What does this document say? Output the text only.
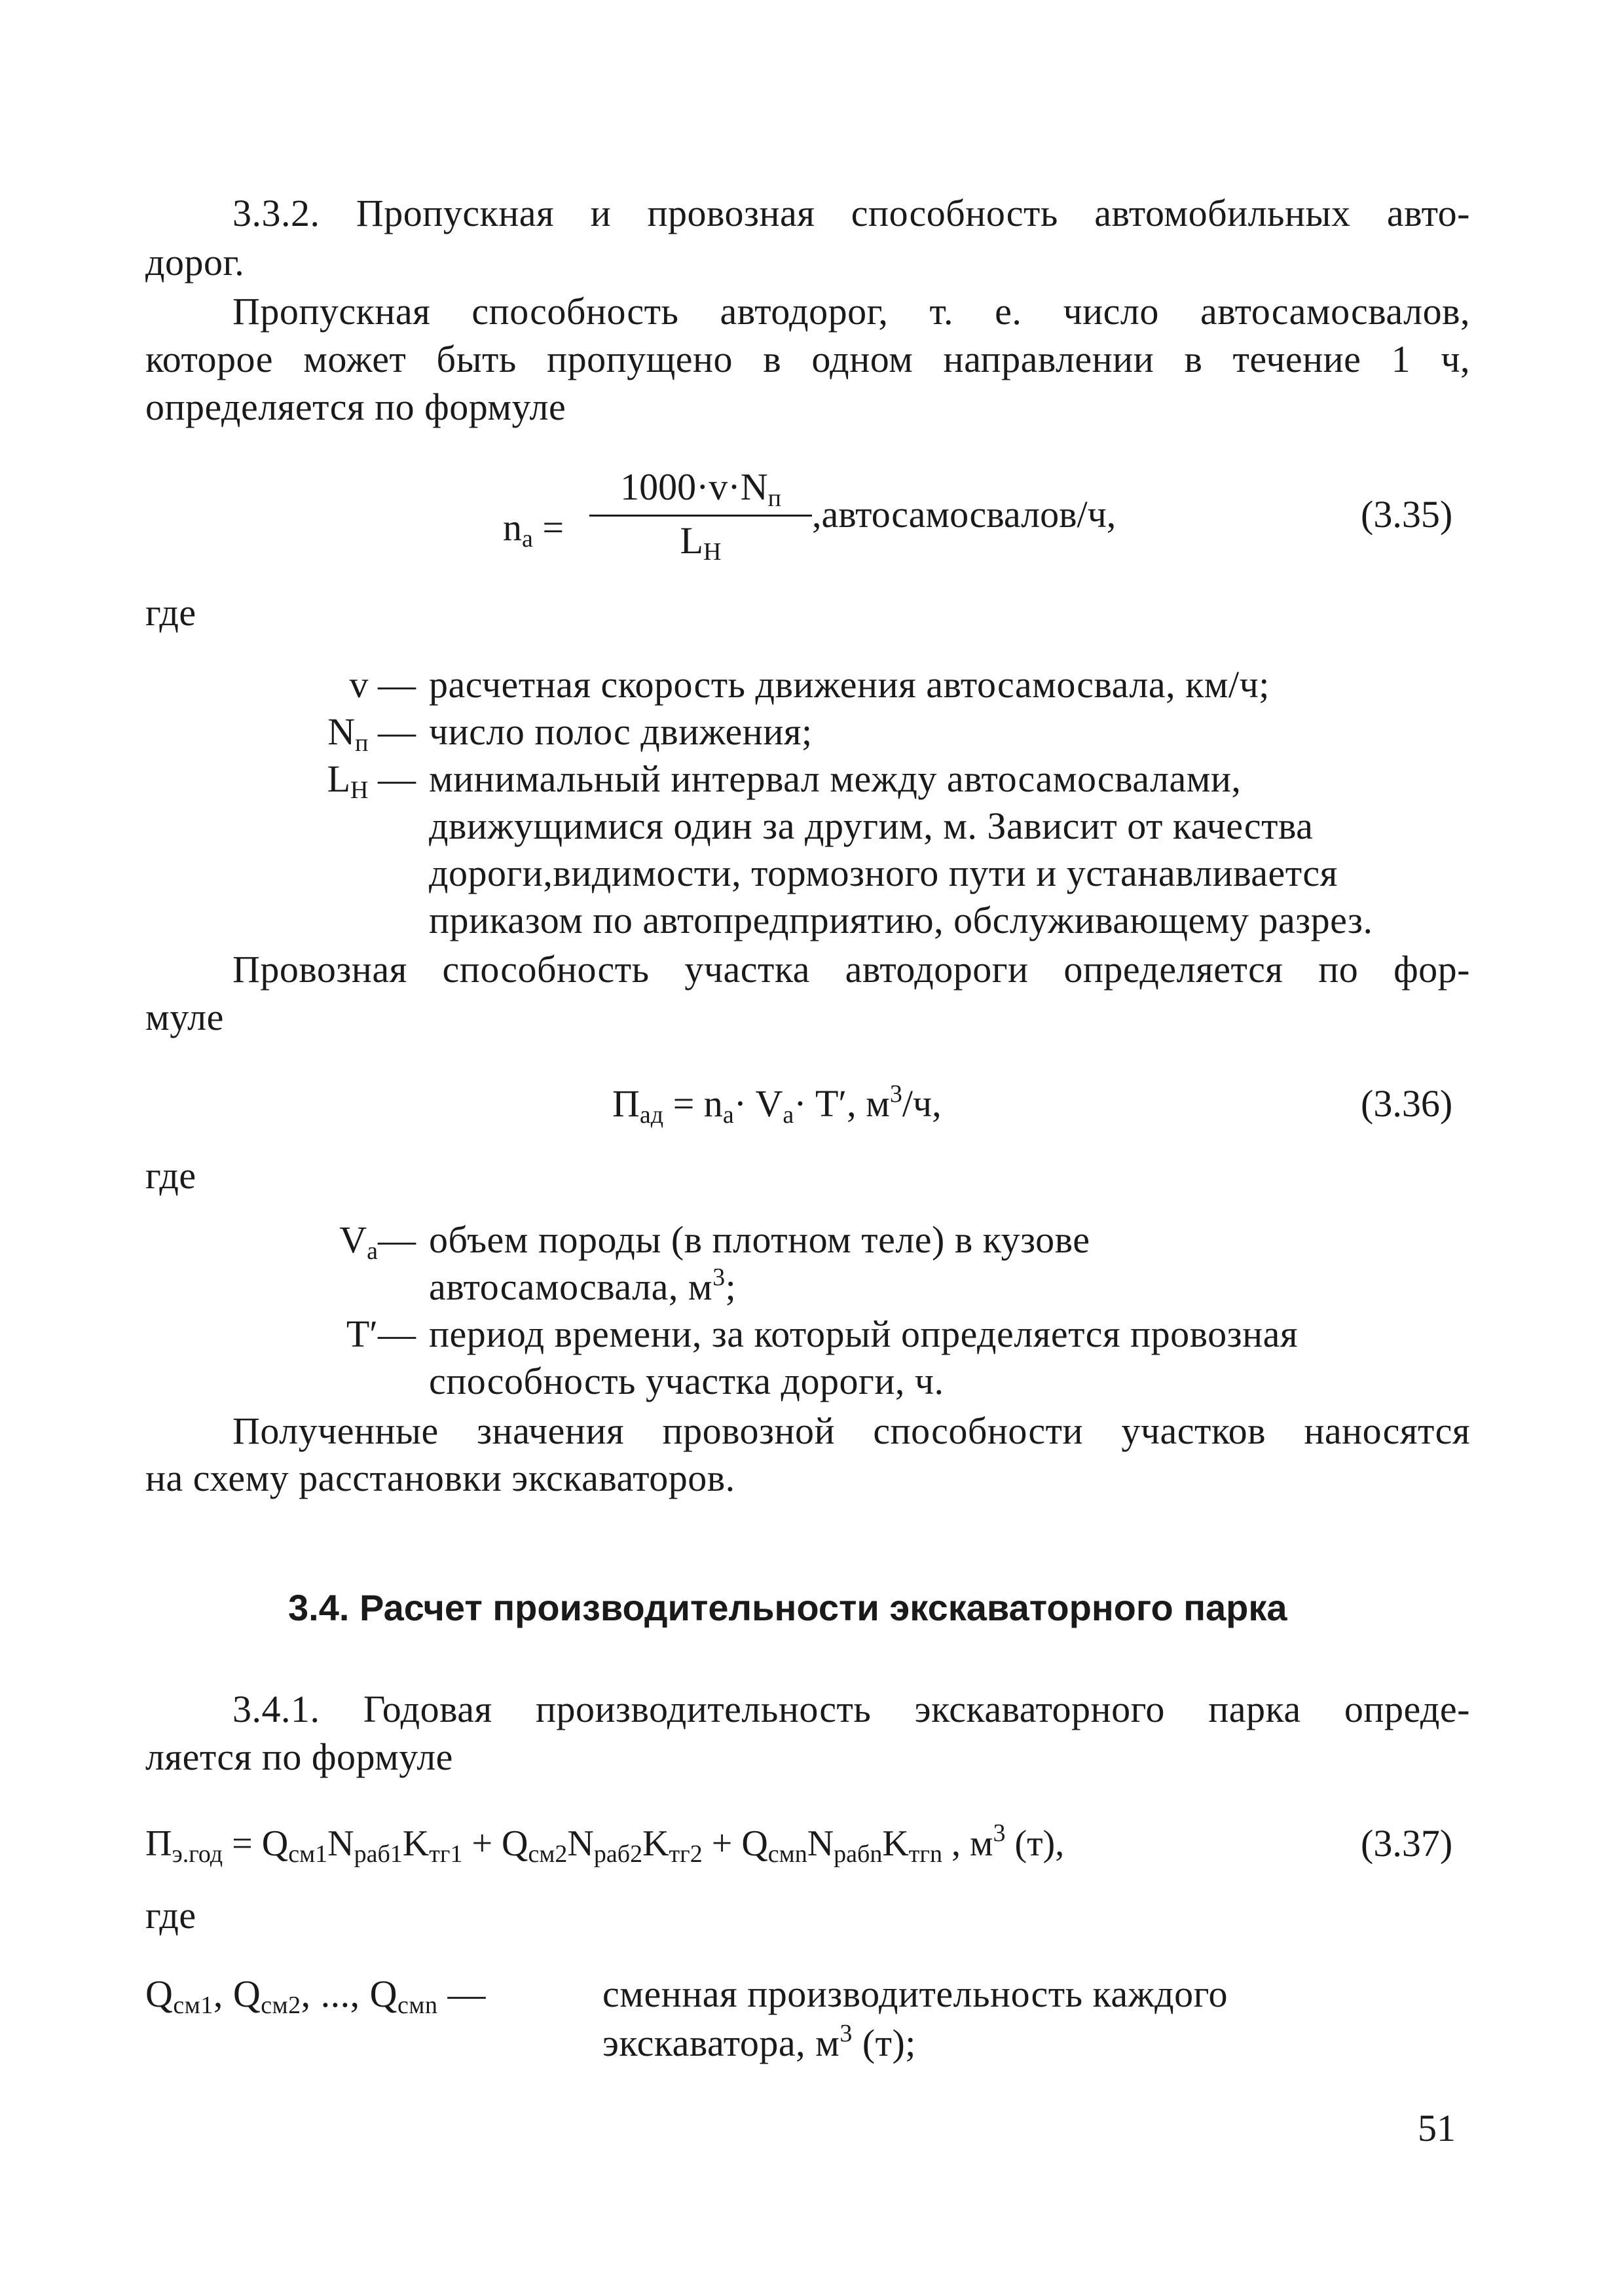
3.3.2. Пропускная и провозная способность автомобильных авто-
дорог.
Пропускная способность автодорог, т. е. число автосамосвалов,
которое может быть пропущено в одном направлении в течение 1 ч,
определяется по формуле
$n_a$ =
$1000\cdot v\cdot N_п$
$L_Н$
,автосамосвалов/ч,	(3.35)
где
v — расчетная скорость движения автосамосвала, км/ч;
$N_п$ — число полос движения;
$L_Н$ — минимальный интервал между автосамосвалами,
движущимися один за другим, м. Зависит от качества
дороги,видимости, тормозного пути и устанавливается
приказом по автопредприятию, обслуживающему разрез.
Провозная способность участка автодороги определяется по фор-
муле
$П_{ад} = n_a\cdot V_a\cdot T'$, $м^3/ч$,	(3.36)
где
$V_a—$ объем породы (в плотном теле) в кузове
автосамосвала, $м^3$;
T′— период времени, за который определяется провозная
способность участка дороги, ч.
Полученные значения провозной способности участков наносятся
на схему расстановки экскаваторов.
3.4. Расчет производительности экскаваторного парка
3.4.1. Годовая производительность экскаваторного парка опреде-
ляется по формуле
$П_{э.год} = Q_{см1}N_{раб1}K_{тг1} + Q_{см2}N_{раб2}K_{тг2} + Q_{смn}N_{рабn}K_{тгn}$ , $м^3$ (т),	(3.37)
где
$Q_{см1}$, $Q_{см2}$, ..., $Q_{смn}$ —	сменная производительность каждого
экскаватора, $м^3$ (т);
51
